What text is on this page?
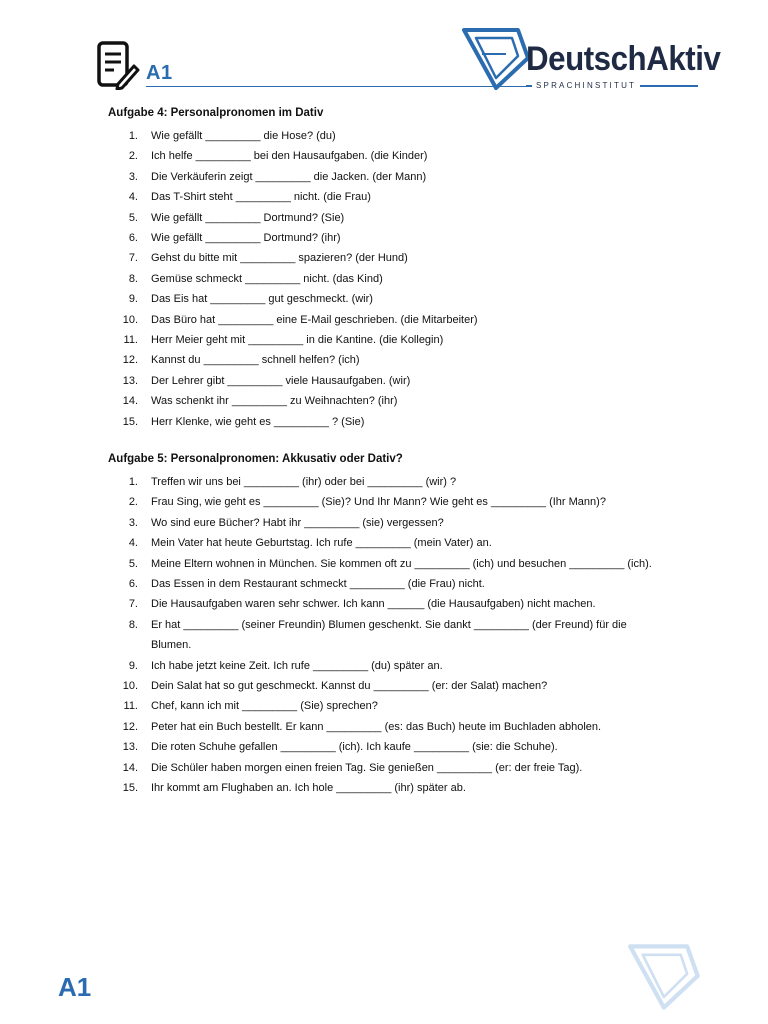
A1	DeutschAktiv
SPRACHINSTITUT
Aufgabe 4: Personalpronomen im Dativ
1. Wie gefällt _________ die Hose? (du)
2. Ich helfe _________ bei den Hausaufgaben. (die Kinder)
3. Die Verkäuferin zeigt _________ die Jacken. (der Mann)
4. Das T-Shirt steht _________ nicht. (die Frau)
5. Wie gefällt _________ Dortmund? (Sie)
6. Wie gefällt _________ Dortmund? (ihr)
7. Gehst du bitte mit _________ spazieren? (der Hund)
8. Gemüse schmeckt _________ nicht. (das Kind)
9. Das Eis hat _________ gut geschmeckt. (wir)
10. Das Büro hat _________ eine E-Mail geschrieben. (die Mitarbeiter)
11. Herr Meier geht mit _________ in die Kantine. (die Kollegin)
12. Kannst du _________ schnell helfen? (ich)
13. Der Lehrer gibt _________ viele Hausaufgaben. (wir)
14. Was schenkt ihr _________ zu Weihnachten? (ihr)
15. Herr Klenke, wie geht es _________ ? (Sie)
Aufgabe 5: Personalpronomen: Akkusativ oder Dativ?
1. Treffen wir uns bei _________ (ihr) oder bei _________ (wir) ?
2. Frau Sing, wie geht es _________ (Sie)? Und Ihr Mann? Wie geht es _________ (Ihr Mann)?
3. Wo sind eure Bücher? Habt ihr _________ (sie) vergessen?
4. Mein Vater hat heute Geburtstag. Ich rufe _________ (mein Vater) an.
5. Meine Eltern wohnen in München. Sie kommen oft zu _________ (ich) und besuchen _________ (ich).
6. Das Essen in dem Restaurant schmeckt _________ (die Frau) nicht.
7. Die Hausaufgaben waren sehr schwer. Ich kann ______ (die Hausaufgaben) nicht machen.
8. Er hat _________ (seiner Freundin) Blumen geschenkt. Sie dankt _________ (der Freund) für die
Blumen.
9. Ich habe jetzt keine Zeit. Ich rufe _________ (du) später an.
10. Dein Salat hat so gut geschmeckt. Kannst du _________ (er: der Salat) machen?
11. Chef, kann ich mit _________ (Sie) sprechen?
12. Peter hat ein Buch bestellt. Er kann _________ (es: das Buch) heute im Buchladen abholen.
13. Die roten Schuhe gefallen _________ (ich). Ich kaufe _________ (sie: die Schuhe).
14. Die Schüler haben morgen einen freien Tag. Sie genießen _________ (er: der freie Tag).
15. Ihr kommt am Flughaben an. Ich hole _________ (ihr) später ab.
A1
